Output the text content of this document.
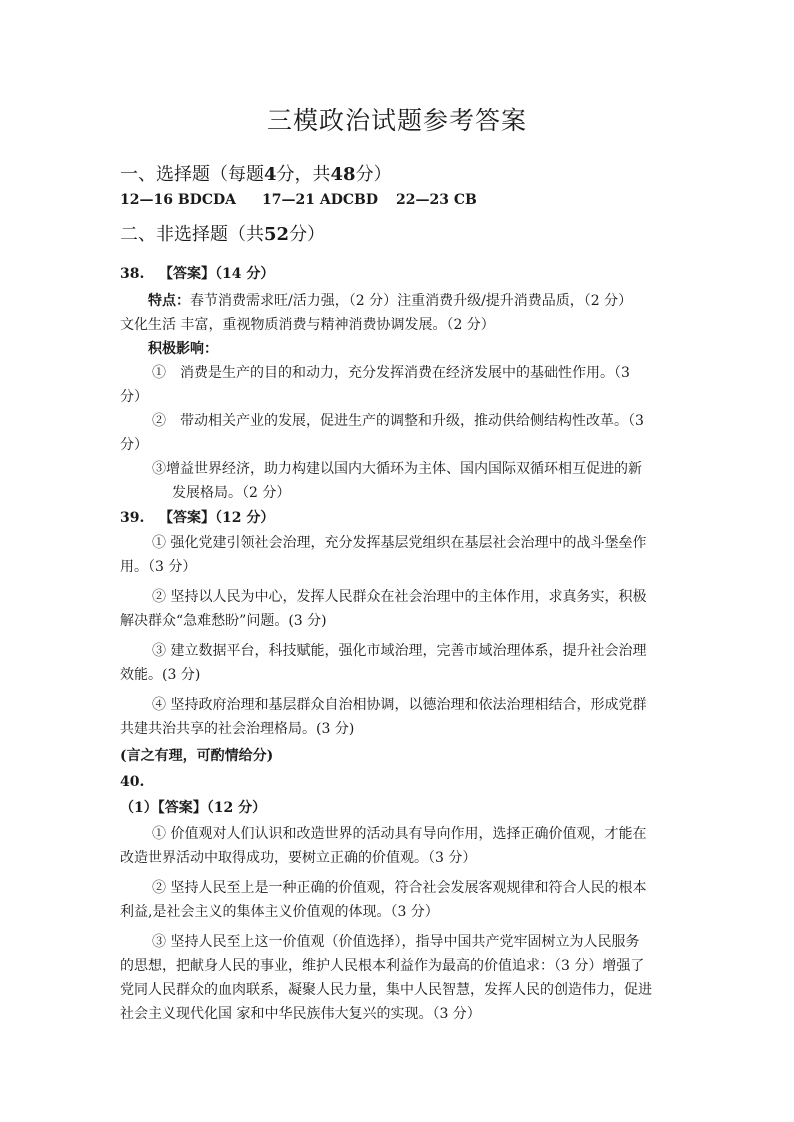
三模政治试题参考答案
一、选择题（每题4分，共48分）
12—16 BDCDA 17—21 ADCBD 22—23 CB
二、非选择题（共52分）
38. 【答案】（14 分）
特点：春节消费需求旺/活力强，（2 分）注重消费升级/提升消费品质，（2 分）
文化生活 丰富，重视物质消费与精神消费协调发展。（2 分）
积极影响：
①　消费是生产的目的和动力，充分发挥消费在经济发展中的基础性作用。（3
分）
②　带动相关产业的发展，促进生产的调整和升级，推动供给侧结构性改革。（3
分）
③增益世界经济，助力构建以国内大循环为主体、国内国际双循环相互促进的新
发展格局。（2 分）
39. 【答案】（12 分）
① 强化党建引领社会治理，充分发挥基层党组织在基层社会治理中的战斗堡垒作
用。（3 分）
② 坚持以人民为中心，发挥人民群众在社会治理中的主体作用，求真务实，积极
解决群众“急难愁盼”问题。(3 分)
③ 建立数据平台，科技赋能，强化市域治理，完善市域治理体系，提升社会治理
效能。(3 分)
④ 坚持政府治理和基层群众自治相协调，以德治理和依法治理相结合，形成党群
共建共治共享的社会治理格局。(3 分)
(言之有理，可酌情给分)
40.
（1）【答案】（12 分）
① 价值观对人们认识和改造世界的活动具有导向作用，选择正确价值观，才能在
改造世界活动中取得成功，要树立正确的价值观。（3 分）
② 坚持人民至上是一种正确的价值观，符合社会发展客观规律和符合人民的根本
利益,是社会主义的集体主义价值观的体现。（3 分）
③ 坚持人民至上这一价值观（价值选择），指导中国共产党牢固树立为人民服务
的思想，把献身人民的事业，维护人民根本利益作为最高的价值追求：（3 分）增强了
党同人民群众的血肉联系，凝聚人民力量，集中人民智慧，发挥人民的创造伟力，促进
社会主义现代化国 家和中华民族伟大复兴的实现。（3 分）
